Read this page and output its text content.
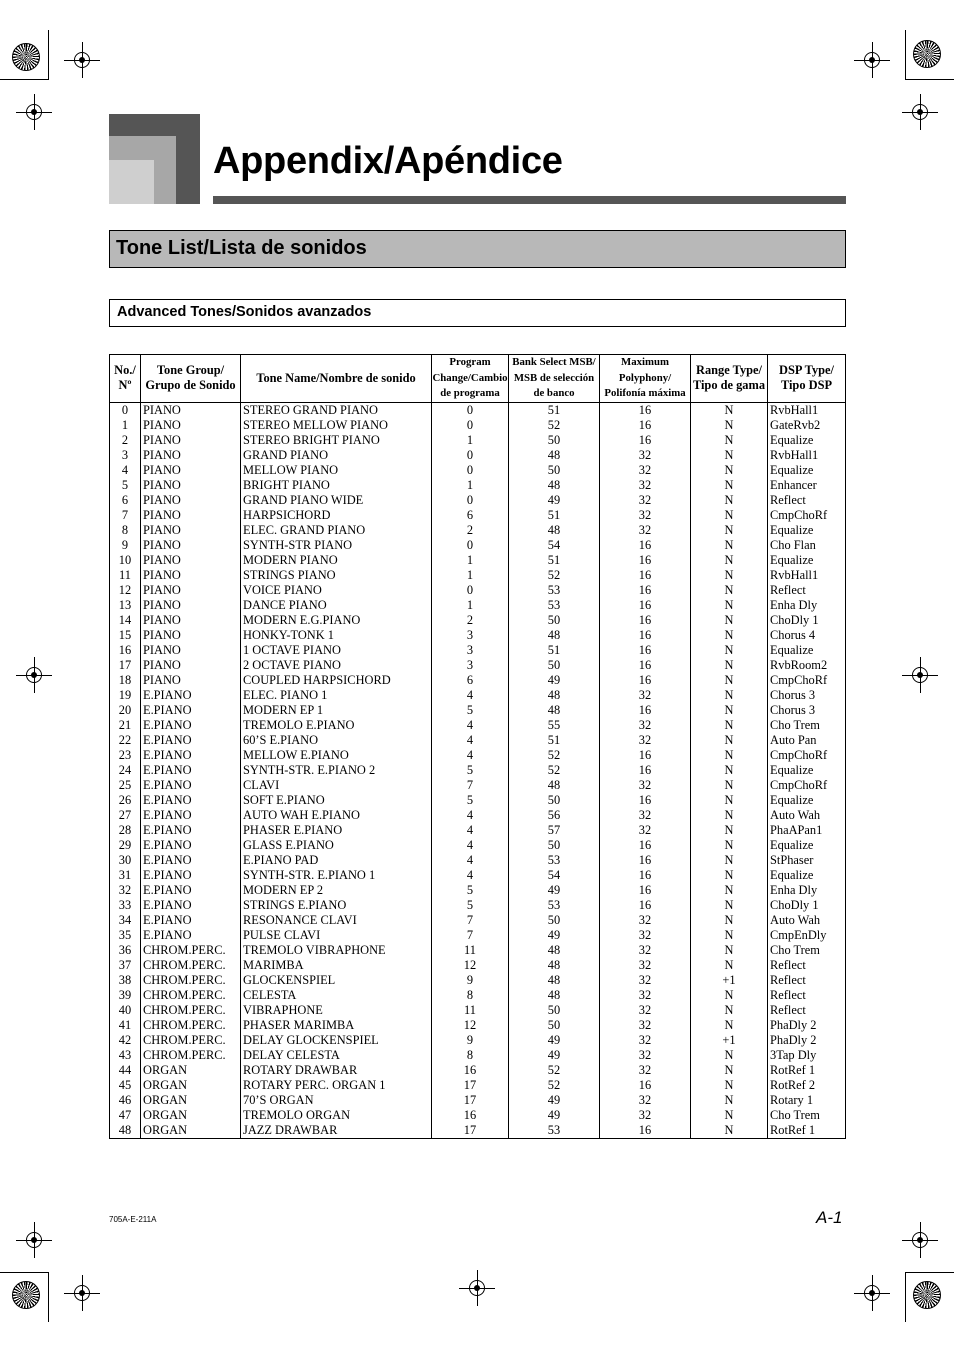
Appendix/Apéndice
Tone List/Lista de sonidos
Advanced Tones/Sonidos avanzados
No./ Nº	Tone Group/ Grupo de Sonido	Tone Name/Nombre de sonido	Program Change/Cambio de programa	Bank Select MSB/ MSB de selección de banco	Maximum Polyphony/ Polifonía máxima	Range Type/ Tipo de gama	DSP Type/ Tipo DSP
0	PIANO	STEREO GRAND PIANO	0	51	16	N	RvbHall1
1	PIANO	STEREO MELLOW PIANO	0	52	16	N	GateRvb2
2	PIANO	STEREO BRIGHT PIANO	1	50	16	N	Equalize
3	PIANO	GRAND PIANO	0	48	32	N	RvbHall1
4	PIANO	MELLOW PIANO	0	50	32	N	Equalize
5	PIANO	BRIGHT PIANO	1	48	32	N	Enhancer
6	PIANO	GRAND PIANO WIDE	0	49	32	N	Reflect
7	PIANO	HARPSICHORD	6	51	32	N	CmpChoRf
8	PIANO	ELEC. GRAND PIANO	2	48	32	N	Equalize
9	PIANO	SYNTH-STR PIANO	0	54	16	N	Cho Flan
10	PIANO	MODERN PIANO	1	51	16	N	Equalize
11	PIANO	STRINGS PIANO	1	52	16	N	RvbHall1
12	PIANO	VOICE PIANO	0	53	16	N	Reflect
13	PIANO	DANCE PIANO	1	53	16	N	Enha Dly
14	PIANO	MODERN E.G.PIANO	2	50	16	N	ChoDly 1
15	PIANO	HONKY-TONK 1	3	48	16	N	Chorus 4
16	PIANO	1 OCTAVE PIANO	3	51	16	N	Equalize
17	PIANO	2 OCTAVE PIANO	3	50	16	N	RvbRoom2
18	PIANO	COUPLED HARPSICHORD	6	49	16	N	CmpChoRf
19	E.PIANO	ELEC. PIANO 1	4	48	32	N	Chorus 3
20	E.PIANO	MODERN EP 1	5	48	16	N	Chorus 3
21	E.PIANO	TREMOLO E.PIANO	4	55	32	N	Cho Trem
22	E.PIANO	60’S E.PIANO	4	51	32	N	Auto Pan
23	E.PIANO	MELLOW E.PIANO	4	52	16	N	CmpChoRf
24	E.PIANO	SYNTH-STR. E.PIANO 2	5	52	16	N	Equalize
25	E.PIANO	CLAVI	7	48	32	N	CmpChoRf
26	E.PIANO	SOFT E.PIANO	5	50	16	N	Equalize
27	E.PIANO	AUTO WAH E.PIANO	4	56	32	N	Auto Wah
28	E.PIANO	PHASER E.PIANO	4	57	32	N	PhaAPan1
29	E.PIANO	GLASS E.PIANO	4	50	16	N	Equalize
30	E.PIANO	E.PIANO PAD	4	53	16	N	StPhaser
31	E.PIANO	SYNTH-STR. E.PIANO 1	4	54	16	N	Equalize
32	E.PIANO	MODERN EP 2	5	49	16	N	Enha Dly
33	E.PIANO	STRINGS E.PIANO	5	53	16	N	ChoDly 1
34	E.PIANO	RESONANCE CLAVI	7	50	32	N	Auto Wah
35	E.PIANO	PULSE CLAVI	7	49	32	N	CmpEnDly
36	CHROM.PERC.	TREMOLO VIBRAPHONE	11	48	32	N	Cho Trem
37	CHROM.PERC.	MARIMBA	12	48	32	N	Reflect
38	CHROM.PERC.	GLOCKENSPIEL	9	48	32	+1	Reflect
39	CHROM.PERC.	CELESTA	8	48	32	N	Reflect
40	CHROM.PERC.	VIBRAPHONE	11	50	32	N	Reflect
41	CHROM.PERC.	PHASER MARIMBA	12	50	32	N	PhaDly 2
42	CHROM.PERC.	DELAY GLOCKENSPIEL	9	49	32	+1	PhaDly 2
43	CHROM.PERC.	DELAY CELESTA	8	49	32	N	3Tap Dly
44	ORGAN	ROTARY DRAWBAR	16	52	32	N	RotRef 1
45	ORGAN	ROTARY PERC. ORGAN 1	17	52	16	N	RotRef 2
46	ORGAN	70’S ORGAN	17	49	32	N	Rotary 1
47	ORGAN	TREMOLO ORGAN	16	49	32	N	Cho Trem
48	ORGAN	JAZZ DRAWBAR	17	53	16	N	RotRef 1
705A-E-211A	A-1
